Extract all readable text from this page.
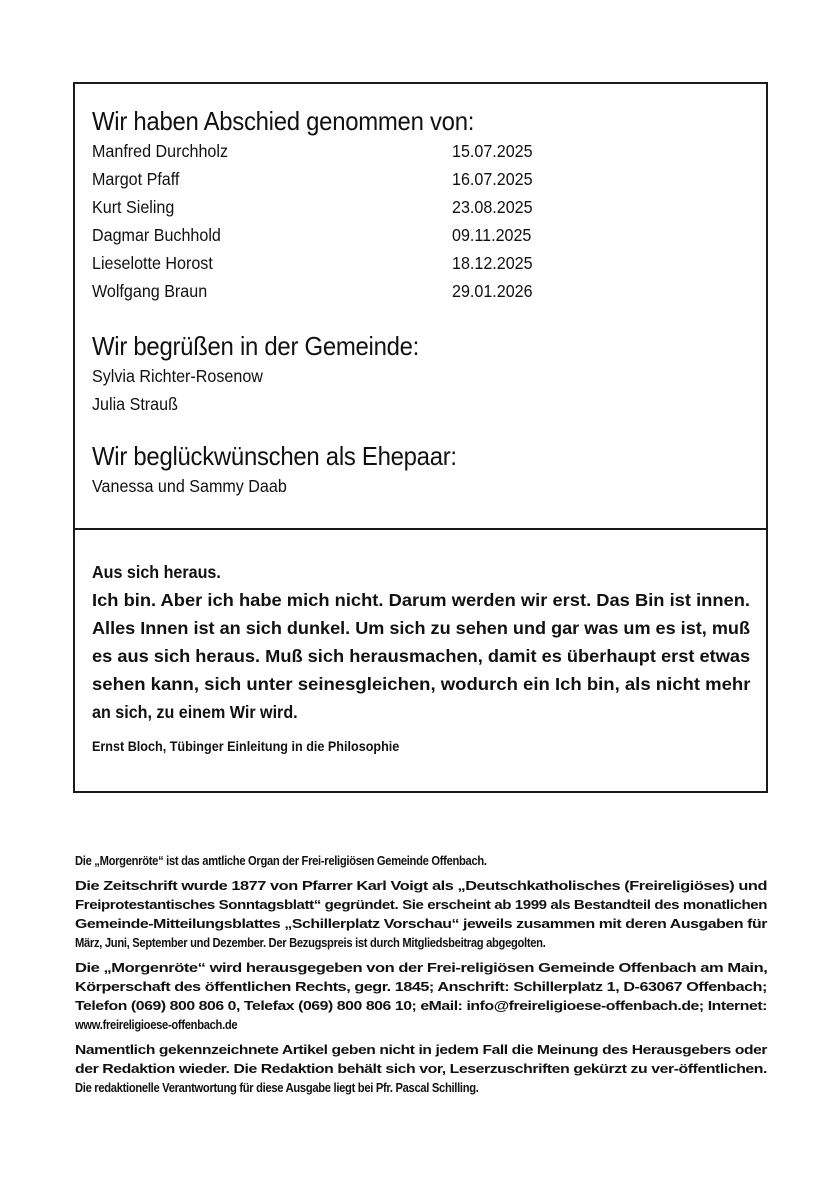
Wir haben Abschied genommen von:
Manfred Durchholz	15.07.2025
Margot Pfaff	16.07.2025
Kurt Sieling	23.08.2025
Dagmar Buchhold	09.11.2025
Lieselotte Horost	18.12.2025
Wolfgang Braun	29.01.2026
Wir begrüßen in der Gemeinde:
Sylvia Richter-Rosenow
Julia Strauß
Wir beglückwünschen als Ehepaar:
Vanessa und Sammy Daab
Aus sich heraus.
Ich bin. Aber ich habe mich nicht. Darum werden wir erst. Das Bin ist innen.
Alles Innen ist an sich dunkel. Um sich zu sehen und gar was um es ist, muß
es aus sich heraus. Muß sich herausmachen, damit es überhaupt erst etwas
sehen kann, sich unter seinesgleichen, wodurch ein Ich bin, als nicht mehr
an sich, zu einem Wir wird.
Ernst Bloch, Tübinger Einleitung in die Philosophie

Die „Morgenröte“ ist das amtliche Organ der Frei-religiösen Gemeinde Offenbach.

Die Zeitschrift wurde 1877 von Pfarrer Karl Voigt als „Deutschkatholisches (Freireligiöses) und
Freiprotestantisches Sonntagsblatt“ gegründet. Sie erscheint ab 1999 als Bestandteil des monatlichen
Gemeinde-Mitteilungsblattes „Schillerplatz Vorschau“ jeweils zusammen mit deren Ausgaben für
März, Juni, September und Dezember. Der Bezugspreis ist durch Mitgliedsbeitrag abgegolten.

Die „Morgenröte“ wird herausgegeben von der Frei-religiösen Gemeinde Offenbach am Main,
Körperschaft des öffentlichen Rechts, gegr. 1845; Anschrift: Schillerplatz 1, D-63067 Offenbach;
Telefon (069) 800 806 0, Telefax (069) 800 806 10; eMail: info@freireligioese-offenbach.de; Internet:
www.freireligioese-offenbach.de

Namentlich gekennzeichnete Artikel geben nicht in jedem Fall die Meinung des Herausgebers oder
der Redaktion wieder. Die Redaktion behält sich vor, Leserzuschriften gekürzt zu ver-öffentlichen.
Die redaktionelle Verantwortung für diese Ausgabe liegt bei Pfr. Pascal Schilling.
